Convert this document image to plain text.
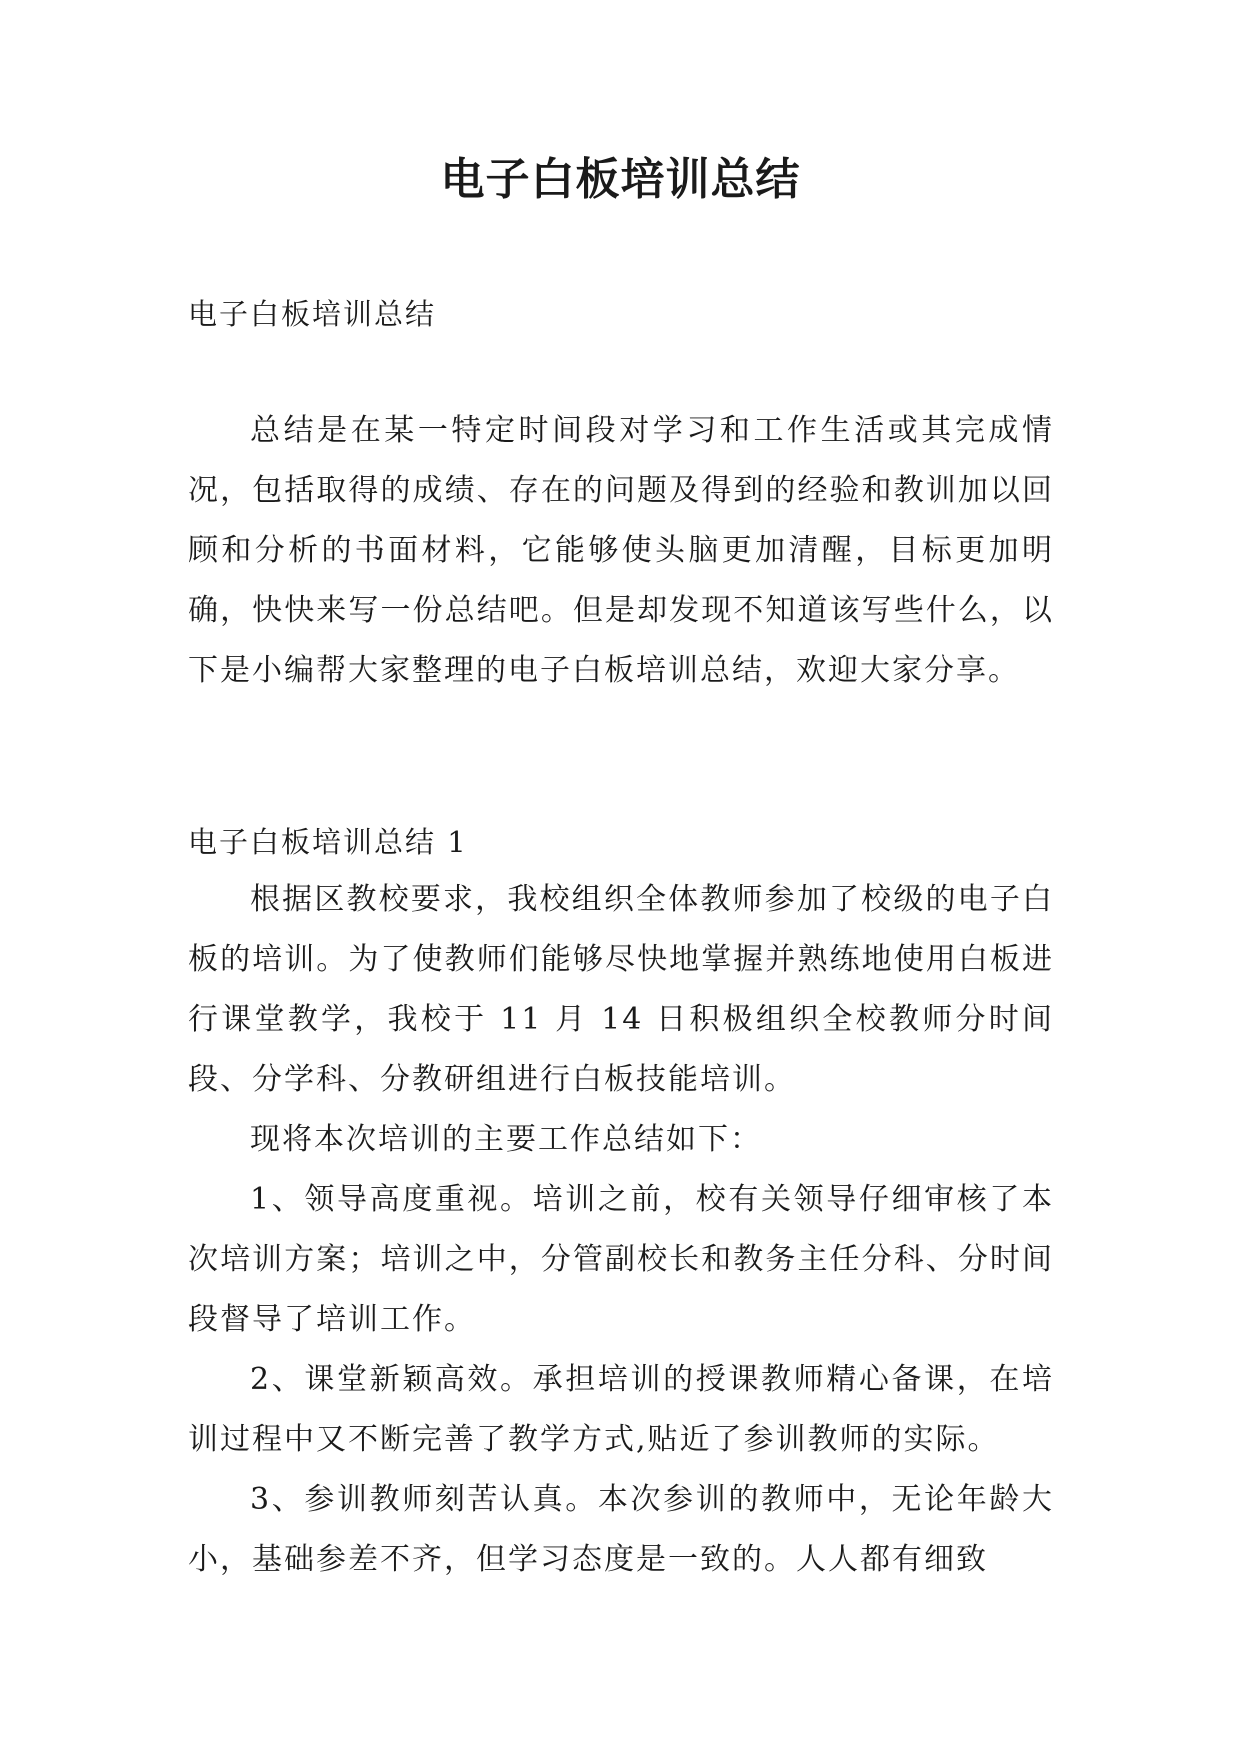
电子白板培训总结

电子白板培训总结

总结是在某一特定时间段对学习和工作生活或其完成情况，包括取得的成绩、存在的问题及得到的经验和教训加以回顾和分析的书面材料，它能够使头脑更加清醒，目标更加明确，快快来写一份总结吧。但是却发现不知道该写些什么，以下是小编帮大家整理的电子白板培训总结，欢迎大家分享。

电子白板培训总结 1

根据区教校要求，我校组织全体教师参加了校级的电子白板的培训。为了使教师们能够尽快地掌握并熟练地使用白板进行课堂教学，我校于 11 月 14 日积极组织全校教师分时间段、分学科、分教研组进行白板技能培训。

现将本次培训的主要工作总结如下：

1、领导高度重视。培训之前，校有关领导仔细审核了本次培训方案；培训之中，分管副校长和教务主任分科、分时间段督导了培训工作。

2、课堂新颖高效。承担培训的授课教师精心备课，在培训过程中又不断完善了教学方式,贴近了参训教师的实际。

3、参训教师刻苦认真。本次参训的教师中，无论年龄大小，基础参差不齐，但学习态度是一致的。人人都有细致
